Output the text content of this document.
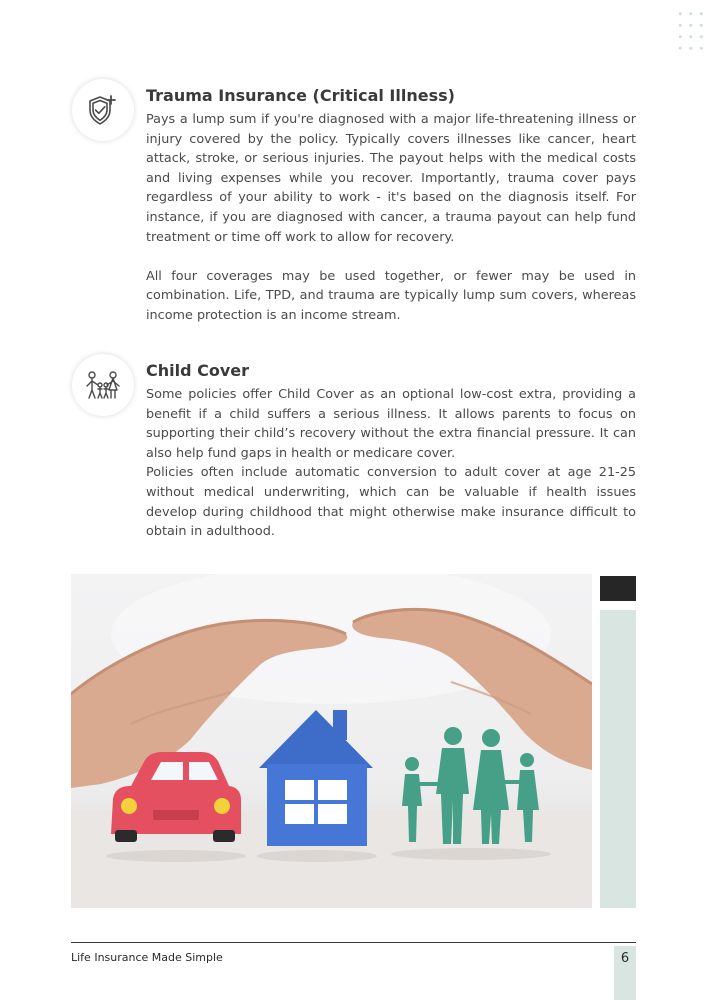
Trauma Insurance (Critical Illness)

Pays a lump sum if you're diagnosed with a major life-threatening illness or injury covered by the policy. Typically covers illnesses like cancer, heart attack, stroke, or serious injuries. The payout helps with the medical costs and living expenses while you recover. Importantly, trauma cover pays regardless of your ability to work - it's based on the diagnosis itself. For instance, if you are diagnosed with cancer, a trauma payout can help fund treatment or time off work to allow for recovery.

All four coverages may be used together, or fewer may be used in combination. Life, TPD, and trauma are typically lump sum covers, whereas income protection is an income stream.

Child Cover

Some policies offer Child Cover as an optional low-cost extra, providing a benefit if a child suffers a serious illness. It allows parents to focus on supporting their child’s recovery without the extra financial pressure. It can also help fund gaps in health or medicare cover.

Policies often include automatic conversion to adult cover at age 21-25 without medical underwriting, which can be valuable if health issues develop during childhood that might otherwise make insurance difficult to obtain in adulthood.

Life Insurance Made Simple	6
